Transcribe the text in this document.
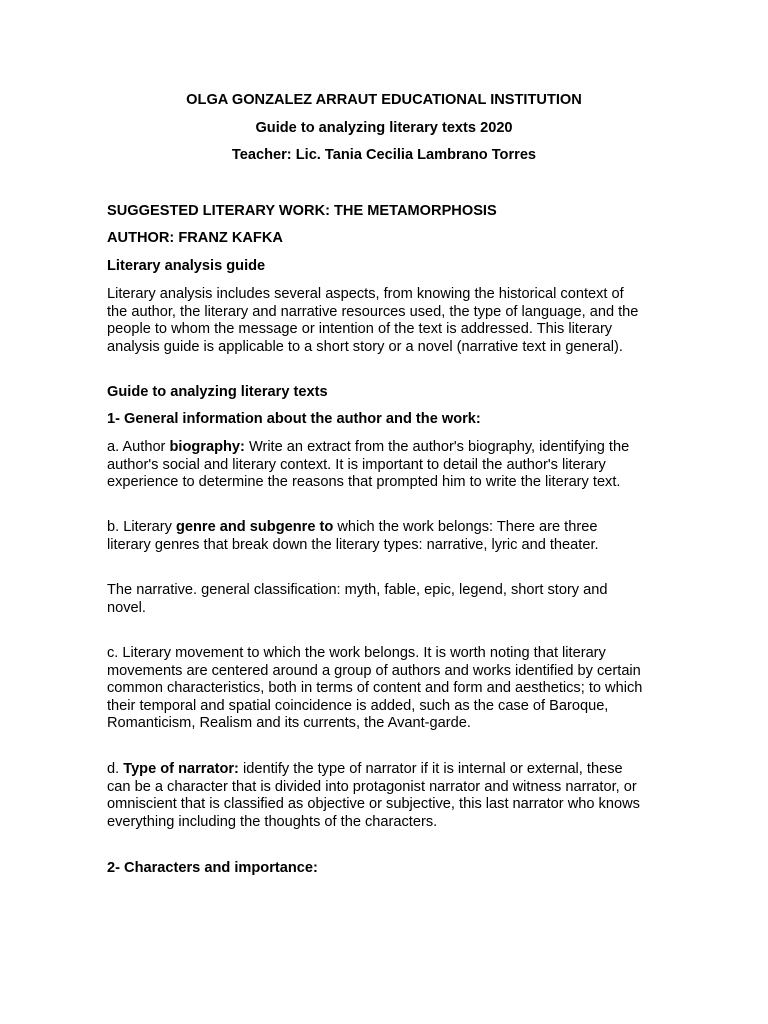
OLGA GONZALEZ ARRAUT EDUCATIONAL INSTITUTION
Guide to analyzing literary texts 2020
Teacher: Lic. Tania Cecilia Lambrano Torres
SUGGESTED LITERARY WORK: THE METAMORPHOSIS
AUTHOR: FRANZ KAFKA
Literary analysis guide
Literary analysis includes several aspects, from knowing the historical context of
the author, the literary and narrative resources used, the type of language, and the
people to whom the message or intention of the text is addressed. This literary
analysis guide is applicable to a short story or a novel (narrative text in general).
Guide to analyzing literary texts
1- General information about the author and the work:
a. Author biography: Write an extract from the author's biography, identifying the
author's social and literary context. It is important to detail the author's literary
experience to determine the reasons that prompted him to write the literary text.
b. Literary genre and subgenre to which the work belongs: There are three
literary genres that break down the literary types: narrative, lyric and theater.
The narrative. general classification: myth, fable, epic, legend, short story and
novel.
c. Literary movement to which the work belongs. It is worth noting that literary
movements are centered around a group of authors and works identified by certain
common characteristics, both in terms of content and form and aesthetics; to which
their temporal and spatial coincidence is added, such as the case of Baroque,
Romanticism, Realism and its currents, the Avant-garde.
d. Type of narrator: identify the type of narrator if it is internal or external, these
can be a character that is divided into protagonist narrator and witness narrator, or
omniscient that is classified as objective or subjective, this last narrator who knows
everything including the thoughts of the characters.
2- Characters and importance:
